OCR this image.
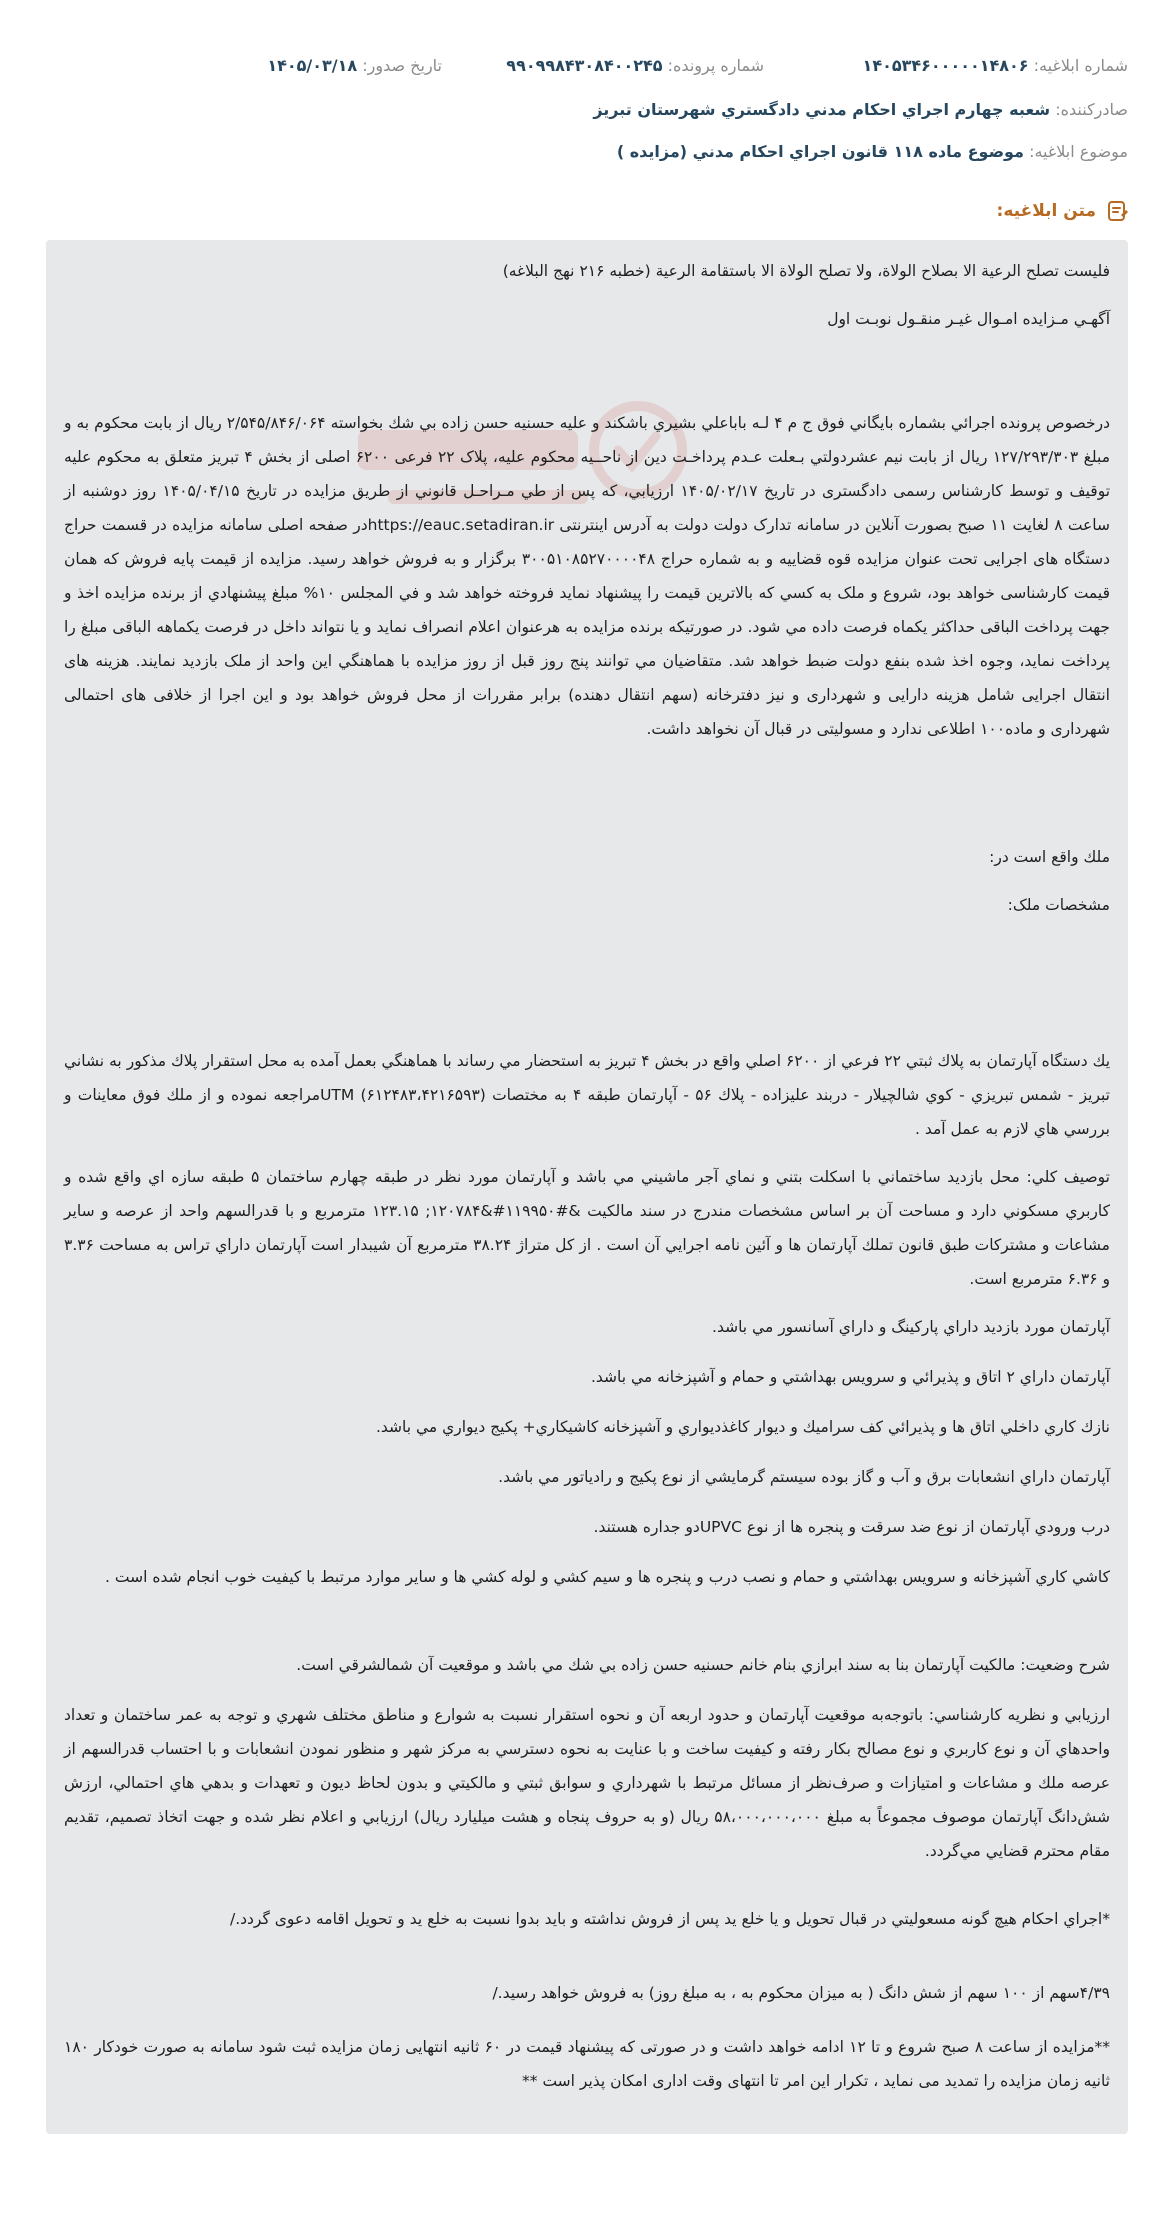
شماره ابلاغیه: ۱۴۰۵۳۴۶۰۰۰۰۰۱۴۸۰۶
شماره پرونده: ۹۹۰۹۹۸۴۳۰۸۴۰۰۲۴۵
تاریخ صدور: ۱۴۰۵/۰۳/۱۸
صادرکننده: شعبه چهارم اجراي احكام مدني دادگستري شهرستان تبريز
موضوع ابلاغیه: موضوع ماده ۱۱۸ قانون اجراي احكام مدني (مزايده )
متن ابلاغیه:

فليست تصلح الرعية الا بصلاح الولاة، ولا تصلح الولاة الا باستقامة الرعية (خطبه ۲۱۶ نهج البلاغه)

آگهـي مـزايده امـوال غيـر منقـول نوبـت اول

درخصوص پرونده اجرائي بشماره بايگاني فوق ج م ۴ لـه باباعلي بشيري باشكند و عليه حسنيه حسن زاده بي شك بخواسته ۲/۵۴۵/۸۴۶/۰۶۴ ريال از بابت محكوم به و مبلغ ۱۲۷/۲۹۳/۳۰۳ ريال از بابت نيم عشردولتي بـعلت عـدم پرداخـت دين از ناحــيه محكوم عليه، پلاک ۲۲ فرعی ۶۲۰۰ اصلی از بخش ۴ تبريز متعلق به محكوم عليه توقيف و توسط كارشناس رسمی دادگستری در تاريخ ۱۴۰۵/۰۲/۱۷ ارزيابي، كه پس از طي مـراحـل قانوني از طريق مزايده در تاريخ ۱۴۰۵/۰۴/۱۵ روز دوشنبه از ساعت ۸ لغايت ۱۱ صبح بصورت آنلاين در سامانه تدارک دولت دولت به آدرس اينترنتی https://eauc.setadiran.irدر صفحه اصلی سامانه مزايده در قسمت حراج دستگاه های اجرايی تحت عنوان مزايده قوه قضاييه و به شماره حراج ۳۰۰۵۱۰۸۵۲۷۰۰۰۰۴۸ برگزار و به فروش خواهد رسيد. مزايده از قيمت پايه فروش كه همان قيمت كارشناسی خواهد بود، شروع و ملک به كسي كه بالاترين قيمت را پيشنهاد نمايد فروخته خواهد شد و في المجلس ۱۰% مبلغ پيشنهادي از برنده مزايده اخذ و جهت پرداخت الباقی حداكثر يكماه فرصت داده مي شود. در صورتيكه برنده مزايده به هرعنوان اعلام انصراف نمايد و يا نتواند داخل در فرصت يكماهه الباقی مبلغ را پرداخت نمايد، وجوه اخذ شده بنفع دولت ضبط خواهد شد. متقاضيان مي توانند پنج روز قبل از روز مزايده با هماهنگي اين واحد از ملک بازديد نمايند. هزينه های انتقال اجرايی شامل هزينه دارايی و شهرداری و نيز دفترخانه (سهم انتقال دهنده) برابر مقررات از محل فروش خواهد بود و اين اجرا از خلافی های احتمالی شهرداری و ماده۱۰۰ اطلاعی ندارد و مسوليتی در قبال آن نخواهد داشت.

ملك واقع است در:

مشخصات ملک:

يك دستگاه آپارتمان به پلاك ثبتي ۲۲ فرعي از ۶۲۰۰ اصلي واقع در بخش ۴ تبريز به استحضار مي رساند با هماهنگي بعمل آمده به محل استقرار پلاك مذكور به نشاني تبريز - شمس تبريزي - كوي شالچيلار - دربند عليزاده - پلاك ۵۶ - آپارتمان طبقه ۴ به مختصات (۶۱۲۴۸۳،۴۲۱۶۵۹۳) UTMمراجعه نموده و از ملك فوق معاينات و بررسي هاي لازم به عمل آمد .

توصيف كلي: محل بازديد ساختماني با اسكلت بتني و نماي آجر ماشيني مي باشد و آپارتمان مورد نظر در طبقه چهارم ساختمان ۵ طبقه سازه اي واقع شده و كاربري مسكوني دارد و مساحت آن بر اساس مشخصات مندرج در سند مالكيت &#۱۱۹۹۵۰#&۱۲۰۷۸۴; ۱۲۳.۱۵ مترمربع و با قدرالسهم واحد از عرصه و ساير مشاعات و مشتركات طبق قانون تملك آپارتمان ها و آئين نامه اجرايي آن است . از كل متراژ ۳۸.۲۴ مترمربع آن شيبدار است آپارتمان داراي تراس به مساحت ۳.۳۶ و ۶.۳۶ مترمربع است.

آپارتمان مورد بازديد داراي پاركينگ و داراي آسانسور مي باشد.

آپارتمان داراي ۲ اتاق و پذيرائي و سرويس بهداشتي و حمام و آشپزخانه مي باشد.

نازك كاري داخلي اتاق ها و پذيرائي كف سراميك و ديوار كاغذديواري و آشپزخانه كاشيكاري+ پكيج ديواري مي باشد.

آپارتمان داراي انشعابات برق و آب و گاز بوده سيستم گرمايشي از نوع پكيج و رادياتور مي باشد.

درب ورودي آپارتمان از نوع ضد سرقت و پنجره ها از نوع UPVCدو جداره هستند.

كاشي كاري آشپزخانه و سرويس بهداشتي و حمام و نصب درب و پنجره ها و سيم كشي و لوله كشي ها و ساير موارد مرتبط با كيفيت خوب انجام شده است .

شرح وضعيت: مالكيت آپارتمان بنا به سند ابرازي بنام خانم حسنيه حسن زاده بي شك مي باشد و موقعيت آن شمالشرقي است.

ارزيابي و نظريه كارشناسي: باتوجه‌به موقعيت آپارتمان و حدود اربعه آن و نحوه استقرار نسبت به شوارع و مناطق مختلف شهري و توجه به عمر ساختمان و تعداد واحدهاي آن و نوع كاربري و نوع مصالح بكار رفته و كيفيت ساخت و با عنايت به نحوه دسترسي به مركز شهر و منظور نمودن انشعابات و با احتساب قدرالسهم از عرصه ملك و مشاعات و امتيازات و صرف‌نظر از مسائل مرتبط با شهرداري و سوابق ثبتي و مالكيتي و بدون لحاظ ديون و تعهدات و بدهي هاي احتمالي، ارزش شش‌دانگ آپارتمان موصوف مجموعاً به مبلغ ۵۸،۰۰۰،۰۰۰،۰۰۰ ريال (و به حروف پنجاه و هشت ميليارد ريال) ارزيابي و اعلام نظر شده و جهت اتخاذ تصميم، تقديم مقام محترم قضايي مي‌گردد.

*اجراي احكام هيچ گونه مسعوليتي در قبال تحويل و يا خلع يد پس از فروش نداشته و بايد بدوا نسبت به خلع يد و تحويل اقامه دعوی گردد./

۴/۳۹سهم از ۱۰۰ سهم از شش دانگ ( به ميزان محكوم به ، به مبلغ روز) به فروش خواهد رسيد./

**مزايده از ساعت ۸ صبح شروع و تا ۱۲ ادامه خواهد داشت و در صورتی كه پيشنهاد قيمت در ۶۰ ثانيه انتهايی زمان مزايده ثبت شود سامانه به صورت خودكار ۱۸۰ ثانيه زمان مزايده را تمديد می نمايد ، تكرار اين امر تا انتهای وقت اداری امكان پذير است **
